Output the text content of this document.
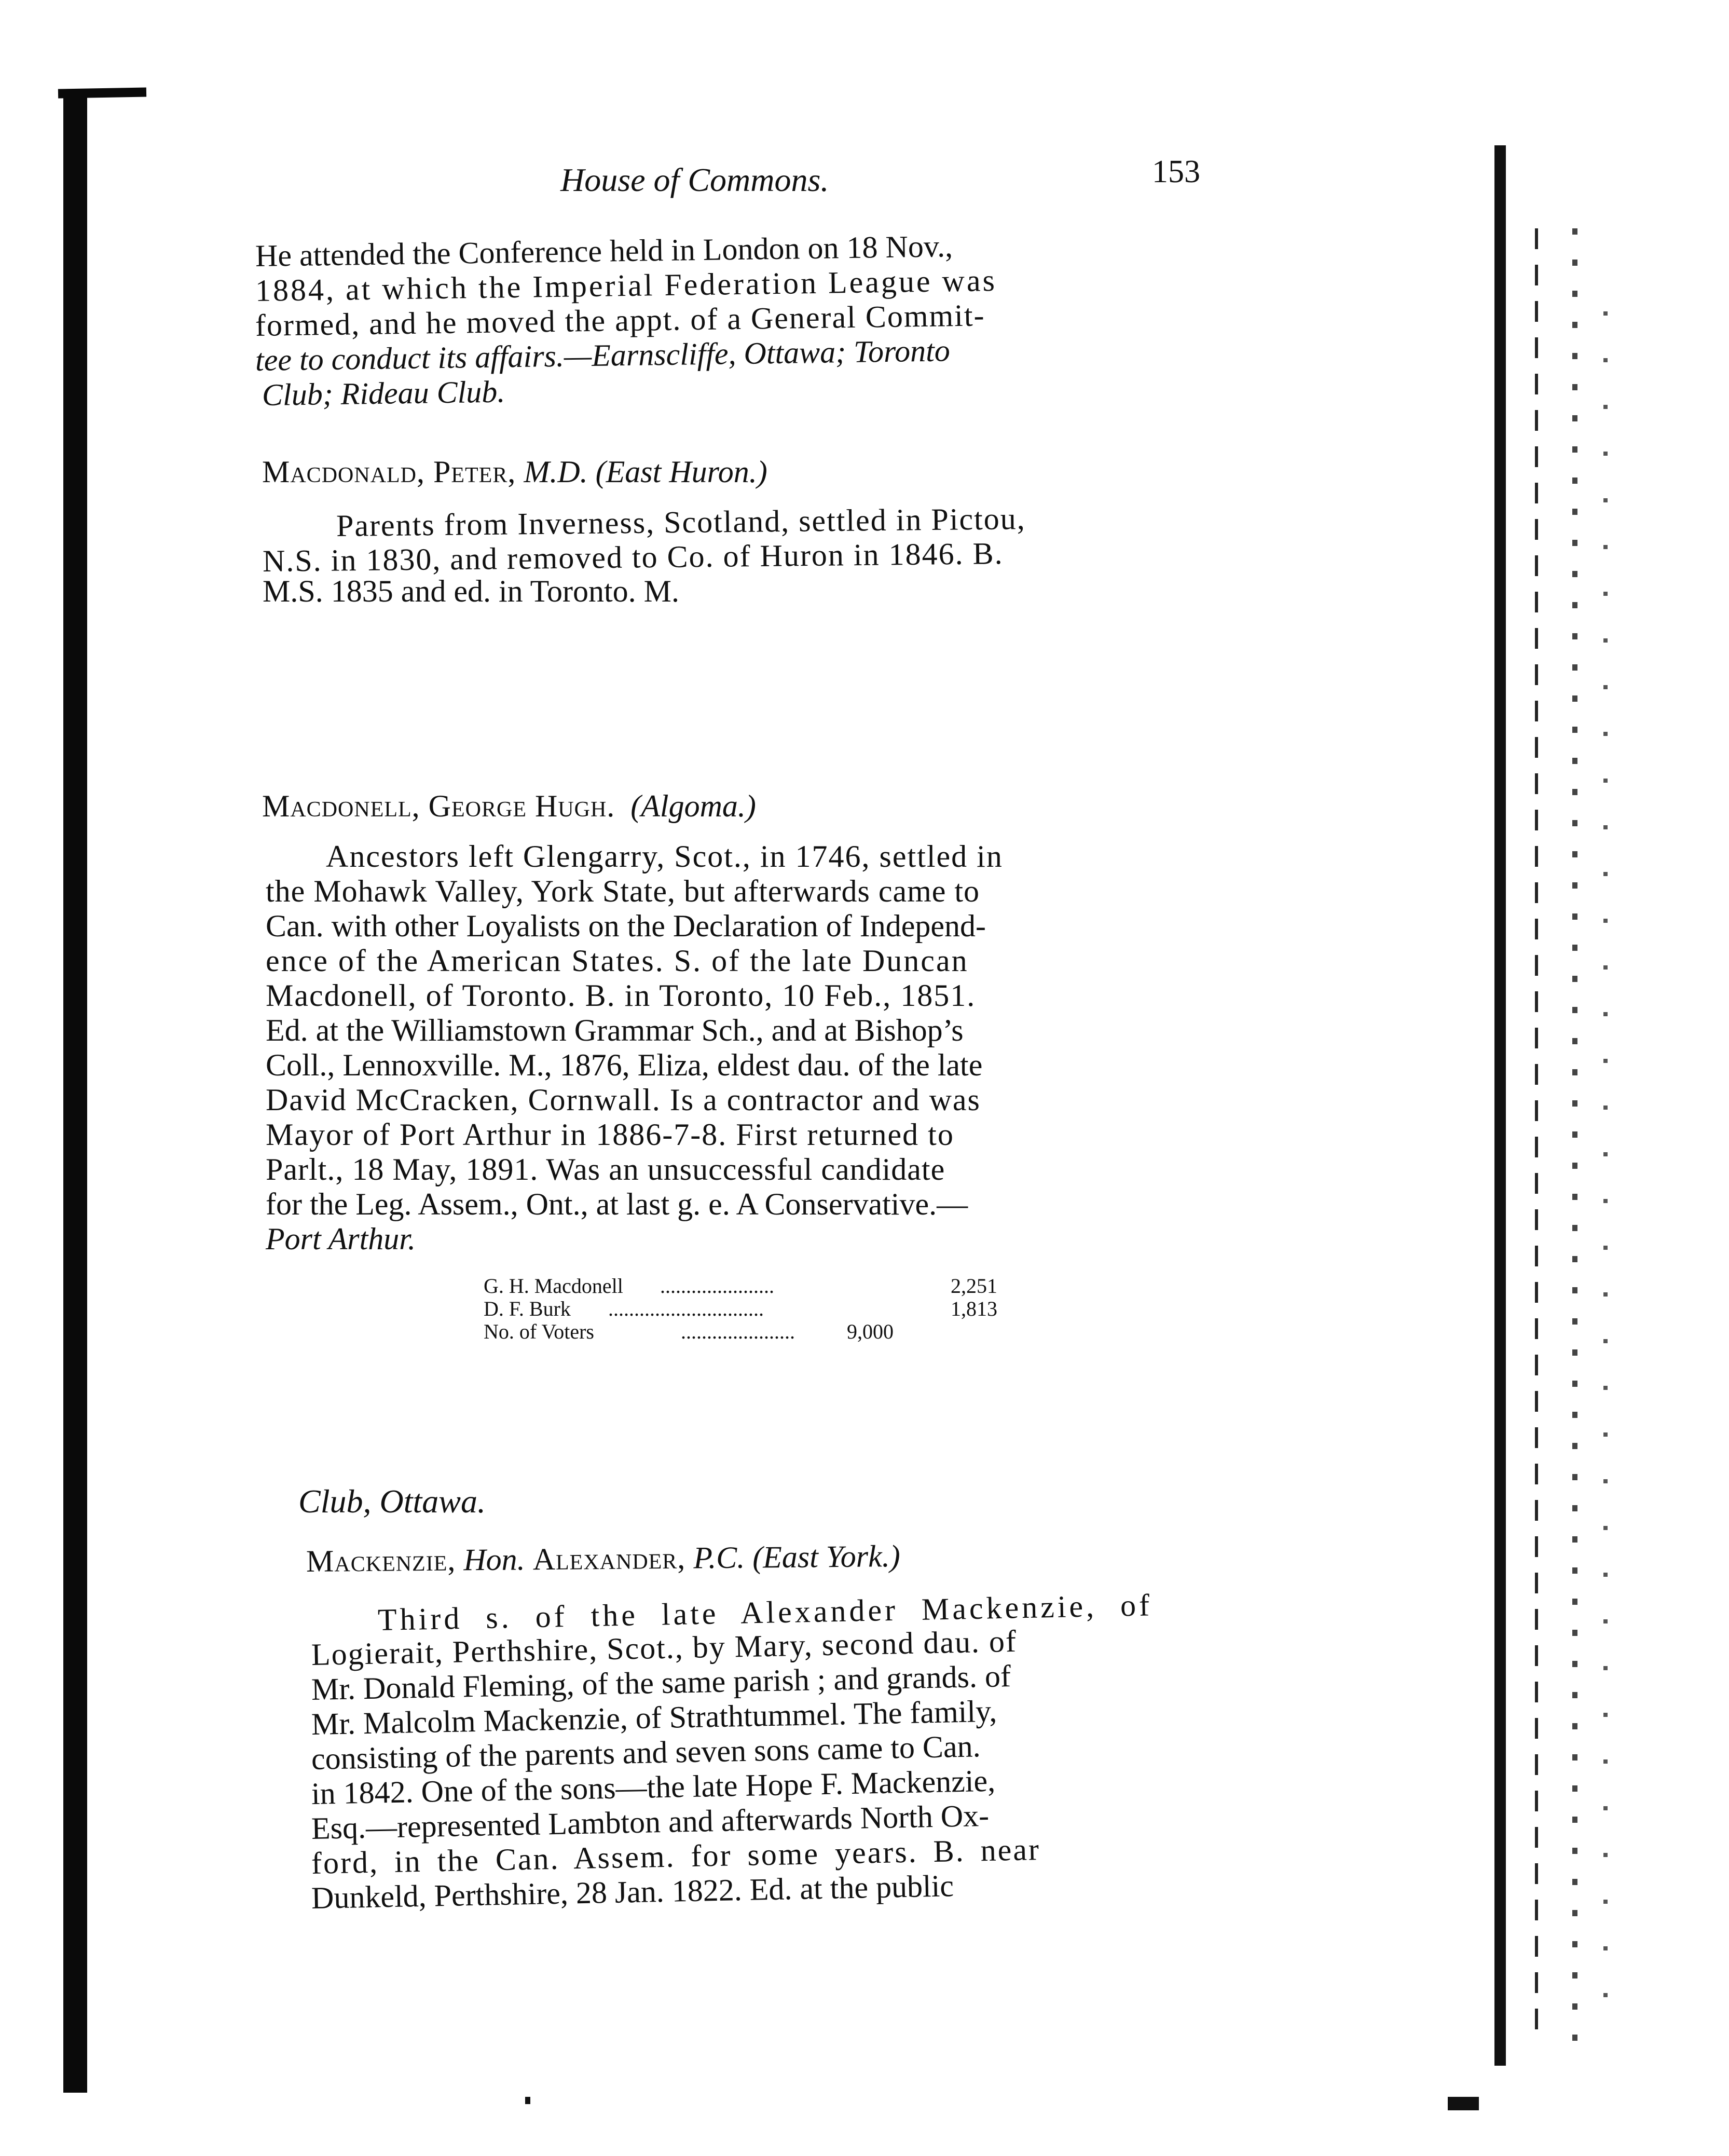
House of Commons.	153
He attended the Conference held in London on 18 Nov.,
1884, at which the Imperial Federation League was
formed, and he moved the appt. of a General Commit-
tee to conduct its affairs.—Earnscliffe, Ottawa; Toronto
Club; Rideau Club.
Macdonald, Peter, M.D. (East Huron.)
Parents from Inverness, Scotland, settled in Pictou,
N.S. in 1830, and removed to Co. of Huron in 1846. B.
M.S. 1835 and ed. in Toronto. M.
Macdonell, George Hugh. (Algoma.)
Ancestors left Glengarry, Scot., in 1746, settled in
the Mohawk Valley, York State, but afterwards came to
Can. with other Loyalists on the Declaration of Independ-
ence of the American States. S. of the late Duncan
Macdonell, of Toronto. B. in Toronto, 10 Feb., 1851.
Ed. at the Williamstown Grammar Sch., and at Bishop’s
Coll., Lennoxville. M., 1876, Eliza, eldest dau. of the late
David McCracken, Cornwall. Is a contractor and was
Mayor of Port Arthur in 1886-7-8. First returned to
Parlt., 18 May, 1891. Was an unsuccessful candidate
for the Leg. Assem., Ont., at last g. e. A Conservative.—
Port Arthur.
G. H. Macdonell ......................	2,251
D. F. Burk ..............................	1,813
No. of Voters	......................	9,000
Club, Ottawa.
Mackenzie, Hon. Alexander, P.C. (East York.)
Third s. of the late Alexander Mackenzie, of
Logierait, Perthshire, Scot., by Mary, second dau. of
Mr. Donald Fleming, of the same parish ; and grands. of
Mr. Malcolm Mackenzie, of Strathtummel. The family,
consisting of the parents and seven sons came to Can.
in 1842. One of the sons—the late Hope F. Mackenzie,
Esq.—represented Lambton and afterwards North Ox-
ford, in the Can. Assem. for some years. B. near
Dunkeld, Perthshire, 28 Jan. 1822. Ed. at the public
